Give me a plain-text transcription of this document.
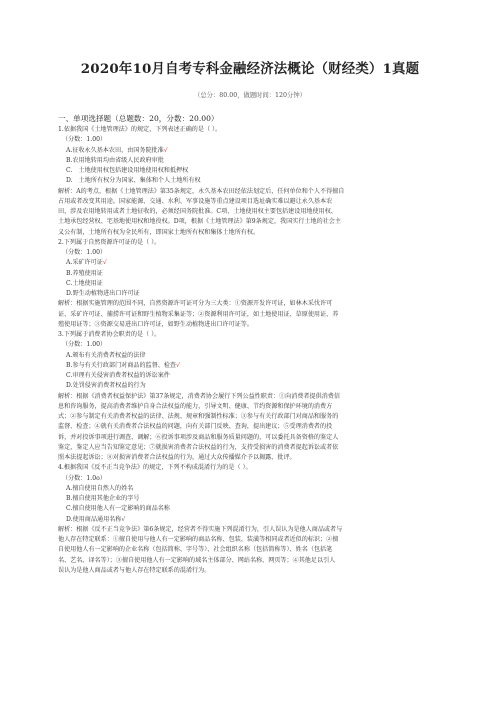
2020年10月自考专科金融经济法概论（财经类）1真题
（总分：80.00，做题时间：120分钟）
一、单项选择题（总题数：20，分数：20.00）
1.依据我国《土地管理法》的规定，下列表述正确的是（ ）。
（分数：1.00）
A.征收永久基本农田，由国务院批准√
B.农用地转用均由省级人民政府审批
C.　土地使用权包括建设用地使用权和抵押权
D.　土地所有权分为国家、集体和个人土地所有权
解析：A的考点，根据《土地管理法》第35条规定，永久基本农田经依法划定后，任何单位和个人不得擅自
占用或者改变其用途。国家能源、交通、水利、军事设施等重点建设项目选址确实难以避让永久基本农
田，涉及农用地转用或者土地征收的，必须经国务院批准。C项，土地使用权主要包括建设用地使用权、
土地承包经营权、宅基地使用权和地役权。D项，根据《土地管理法》第9条规定，我国实行土地的社会主
义公有制，土地所有权为全民所有，即国家土地所有权和集体土地所有权。
2.下列属于自然资源许可证的是（ ）。
（分数：1.00）
A.采矿许可证√
B.养殖使用证
C.土地使用证
D.野生动植物进出口许可证
解析：根据实施管理的范围不同，自然资源许可证可分为三大类：①资源开发许可证，如林木采伐许可
证、采矿许可证、捕捞许可证和野生植物采集证等；②资源利用许可证，如土地使用证、草原使用证、养
殖使用证等；③资源交易进出口许可证，如野生动植物进出口许可证等。
3.下列属于消费者协会职责的是（ ）。
（分数：1.00）
A.颁布有关消费者权益的法律
B.参与有关行政部门对商品的监督、检查√
C.审理有关侵害消费者权益的诉讼案件
D.处罚侵害消费者权益的行为
解析：根据《消费者权益保护法》第37条规定，消费者协会履行下列公益性职责：①向消费者提供消费信
息和咨询服务，提高消费者维护自身合法权益的能力，引导文明、健康、节约资源和保护环境的消费方
式；②参与制定有关消费者权益的法律、法规、规章和强制性标准；③参与有关行政部门对商品和服务的
监督、检查；④就有关消费者合法权益的问题，向有关部门反映、查询，提出建议；⑤受理消费者的投
诉，并对投诉事项进行调查、调解；⑥投诉事项涉及商品和服务质量问题的，可以委托具备资格的鉴定人
鉴定，鉴定人应当告知鉴定意见；⑦就损害消费者合法权益的行为，支持受损害的消费者提起诉讼或者依
照本法提起诉讼；⑧对损害消费者合法权益的行为，通过大众传播媒介予以揭露、批评。
4.根据我国《反不正当竞争法》的规定，下列不构成混淆行为的是（ ）。
（分数：1.0o）
A.擅自使用自然人的姓名
B.擅自使用其他企业的字号
C.擅自使用他人有一定影响的商品名称
D.使用商品通用名称√
解析：根据《反不正当竞争法》第6条规定，经营者不得实施下列混淆行为，引人误认为是他人商品或者与
他人存在特定联系：①擅自使用与他人有一定影响的商品名称、包装、装潢等相同或者近似的标识；②擅
自使用他人有一定影响的企业名称（包括简称、字号等）、社会组织名称（包括简称等）、姓名（包括笔
名、艺名、译名等）；③擅自使用他人有一定影响的域名主体部分、网站名称、网页等；④其他足以引人
误认为是他人商品或者与他人存在特定联系的混淆行为。
